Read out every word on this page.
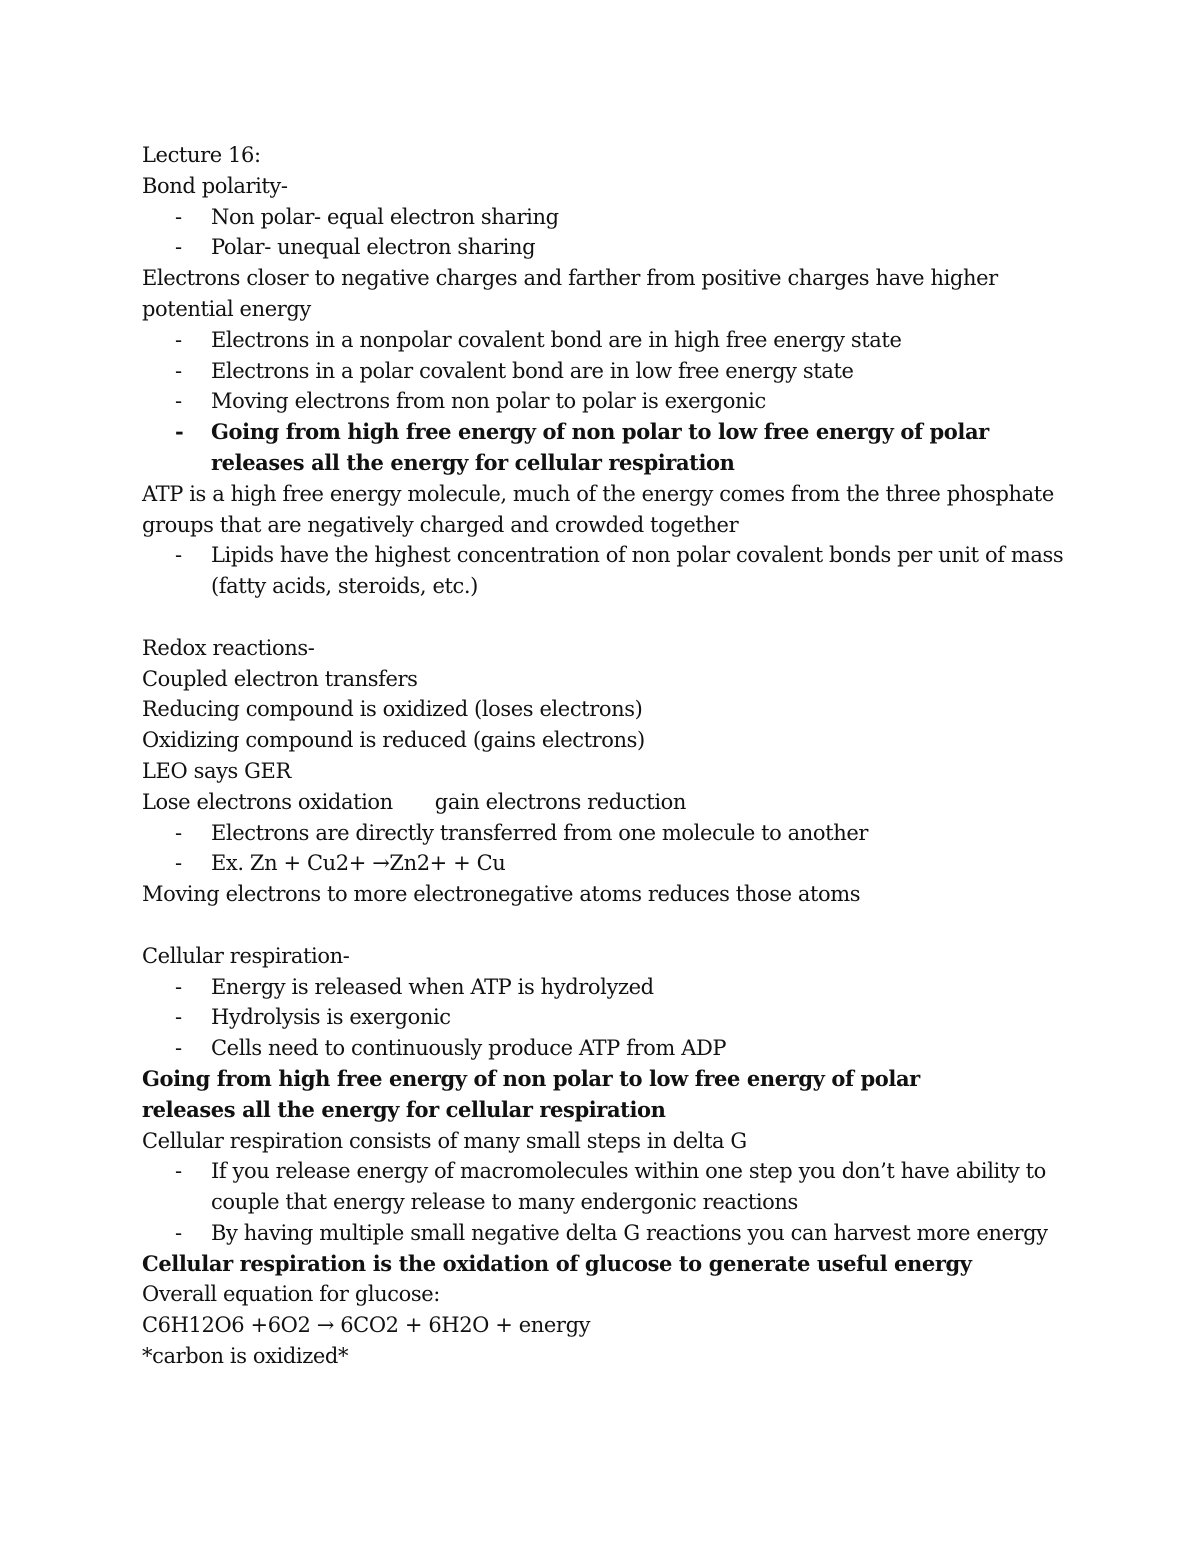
Lecture 16:
Bond polarity-
- Non polar- equal electron sharing
- Polar- unequal electron sharing
Electrons closer to negative charges and farther from positive charges have higher potential energy
- Electrons in a nonpolar covalent bond are in high free energy state
- Electrons in a polar covalent bond are in low free energy state
- Moving electrons from non polar to polar is exergonic
- Going from high free energy of non polar to low free energy of polar releases all the energy for cellular respiration
ATP is a high free energy molecule, much of the energy comes from the three phosphate groups that are negatively charged and crowded together
- Lipids have the highest concentration of non polar covalent bonds per unit of mass (fatty acids, steroids, etc.)
Redox reactions-
Coupled electron transfers
Reducing compound is oxidized (loses electrons)
Oxidizing compound is reduced (gains electrons)
LEO says GER
Lose electrons oxidation gain electrons reduction
- Electrons are directly transferred from one molecule to another
- Ex. Zn + Cu2+ →Zn2+ + Cu
Moving electrons to more electronegative atoms reduces those atoms
Cellular respiration-
- Energy is released when ATP is hydrolyzed
- Hydrolysis is exergonic
- Cells need to continuously produce ATP from ADP
Going from high free energy of non polar to low free energy of polar
releases all the energy for cellular respiration
Cellular respiration consists of many small steps in delta G
- If you release energy of macromolecules within one step you don’t have ability to couple that energy release to many endergonic reactions
- By having multiple small negative delta G reactions you can harvest more energy
Cellular respiration is the oxidation of glucose to generate useful energy
Overall equation for glucose:
C6H12O6 +6O2 → 6CO2 + 6H2O + energy
*carbon is oxidized*
